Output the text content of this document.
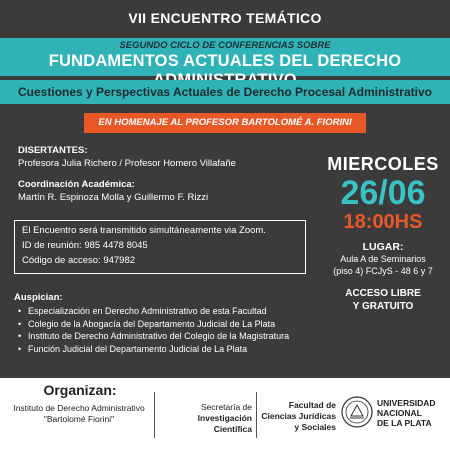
VII ENCUENTRO TEMÁTICO
SEGUNDO CICLO DE CONFERENCIAS SOBRE
FUNDAMENTOS ACTUALES DEL DERECHO
Cuestiones y Perspectivas Actuales de Derecho Procesal Administrativo
EN HOMENAJE AL PROFESOR BARTOLOMÉ A. FIORINI
DISERTANTES:
Profesora Julia Richero / Profesor Homero Villafañe
Coordinación Académica:
Martín R. Espinoza Molla y Guillermo F. Rizzi
El Encuentro será transmitido simultáneamente via Zoom.
ID de reunión: 985 4478 8045
Código de acceso: 947982
MIERCOLES
26/06
18:00HS
LUGAR:
Aula A de Seminarios
(piso 4) FCJyS - 48 6 y 7
ACCESO LIBRE
Y GRATUITO
Auspician:
• Especialización en Derecho Administrativo de esta Facultad
• Colegio de la Abogacía del Departamento Judicial de La Plata
• Instituto de Derecho Administrativo del Colegio de la Magistratura
• Función Judicial del Departamento Judicial de La Plata
Organizan:
Instituto de Derecho Administrativo
"Bartolomé Fiorini"
Secretaría de
Investigación Científica
Facultad de
Ciencias Jurídicas
y Sociales
UNIVERSIDAD
NACIONAL
DE LA PLATA
